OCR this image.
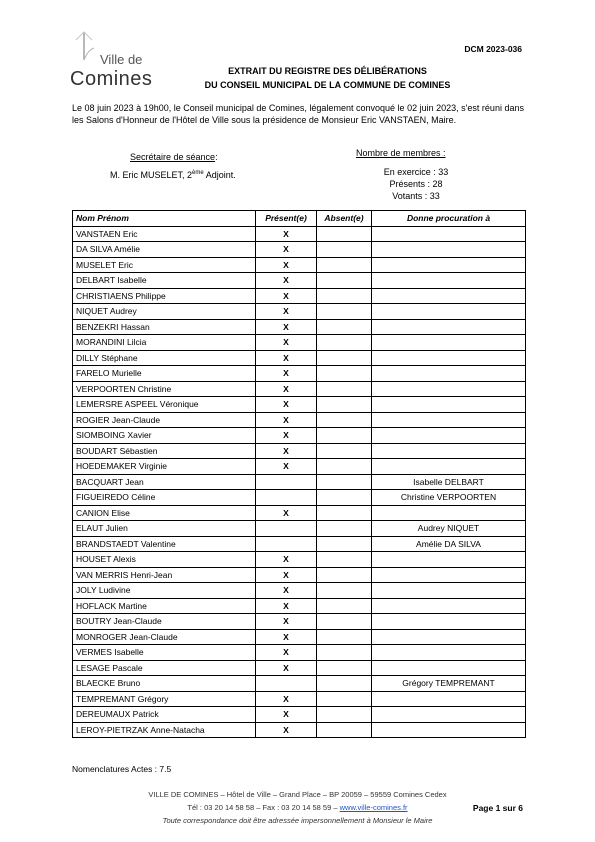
Ville de
Comines
DCM 2023-036
EXTRAIT DU REGISTRE DES DÉLIBÉRATIONS
DU CONSEIL MUNICIPAL DE LA COMMUNE DE COMINES
Le 08 juin 2023 à 19h00, le Conseil municipal de Comines, légalement convoqué le 02 juin 2023, s'est réuni dans les Salons d'Honneur de l'Hôtel de Ville sous la présidence de Monsieur Eric VANSTAEN, Maire.
Secrétaire de séance:
M. Eric MUSELET, 2ème Adjoint.
Nombre de membres :
En exercice : 33
Présents : 28
Votants : 33
Nom Prénom	Présent(e)	Absent(e)	Donne procuration à
VANSTAEN Eric	X		
DA SILVA Amélie	X		
MUSELET Eric	X		
DELBART Isabelle	X		
CHRISTIAENS Philippe	X		
NIQUET Audrey	X		
BENZEKRI Hassan	X		
MORANDINI Lilcia	X		
DILLY Stéphane	X		
FARELO Murielle	X		
VERPOORTEN Christine	X		
LEMERSRE ASPEEL Véronique	X		
ROGIER Jean-Claude	X		
SIOMBOING Xavier	X		
BOUDART Sébastien	X		
HOEDEMAKER Virginie	X		
BACQUART Jean			Isabelle DELBART
FIGUEIREDO Céline			Christine VERPOORTEN
CANION Elise	X		
ELAUT Julien			Audrey NIQUET
BRANDSTAEDT Valentine			Amélie DA SILVA
HOUSET Alexis	X		
VAN MERRIS Henri-Jean	X		
JOLY Ludivine	X		
HOFLACK Martine	X		
BOUTRY Jean-Claude	X		
MONROGER Jean-Claude	X		
VERMES Isabelle	X		
LESAGE Pascale	X		
BLAECKE Bruno			Grégory TEMPREMANT
TEMPREMANT Grégory	X		
DEREUMAUX Patrick	X		
LEROY-PIETRZAK Anne-Natacha	X		
Nomenclatures Actes : 7.5
VILLE DE COMINES – Hôtel de Ville – Grand Place – BP 20059 – 59559 Comines Cedex
Tél : 03 20 14 58 58 – Fax : 03 20 14 58 59 – www.ville-comines.fr
Toute correspondance doit être adressée impersonnellement à Monsieur le Maire
Page 1 sur 6
